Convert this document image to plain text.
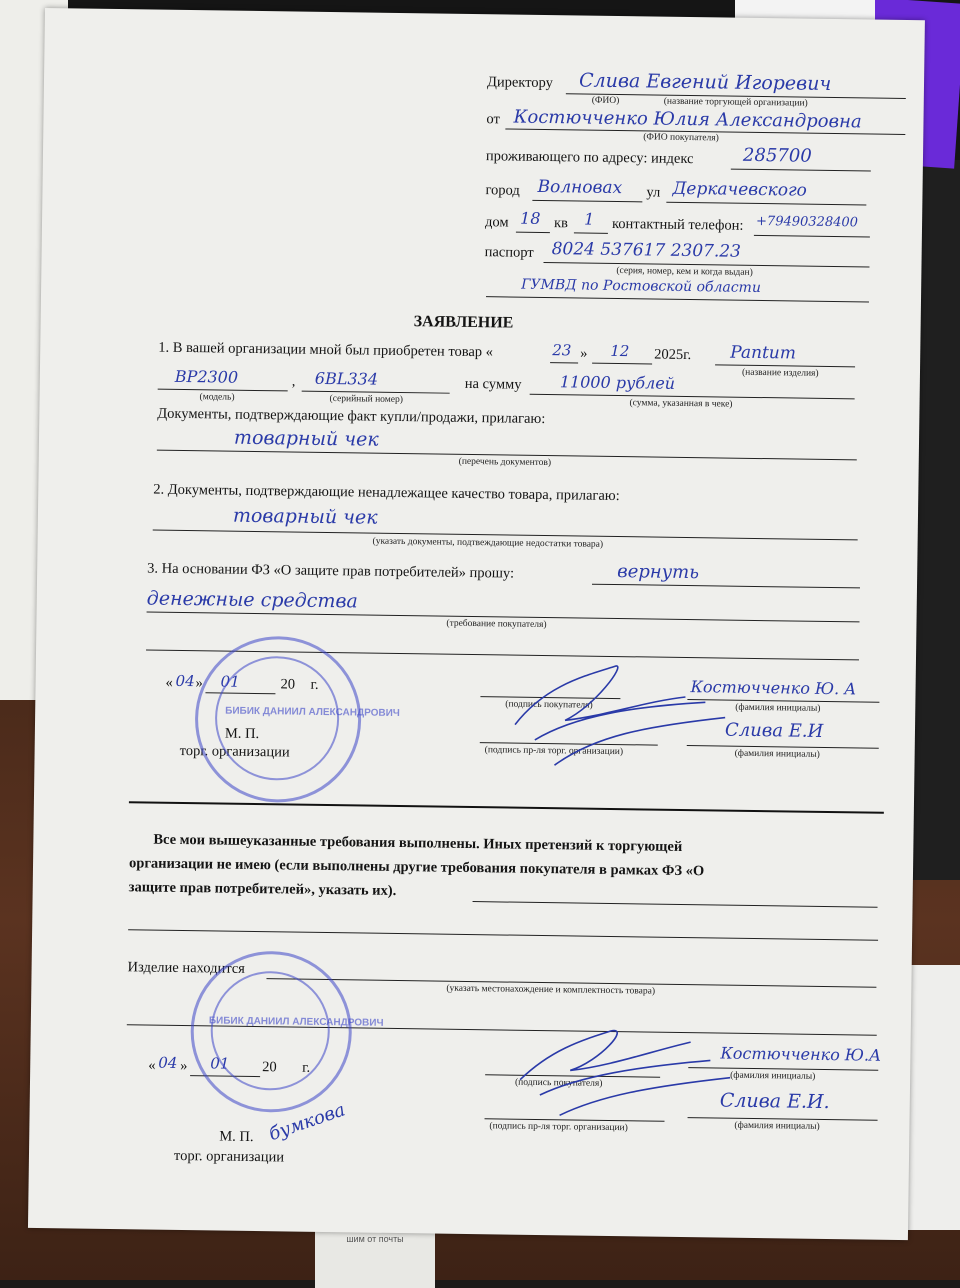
шим от почты
Директору Слива Евгений Игоревич
(ФИО)	(название торгующей организации)
от Костючченко Юлия Александровна
(ФИО покупателя)
проживающего по адресу: индекс	285700
город Волновах ул Деркачевского
дом 18 кв 1 контактный телефон: +79490328400
паспорт 8024 537617 2307.23
(серия, номер, кем и когда выдан)
ГУМВД по Ростовской области
ЗАЯВЛЕНИЕ
1. В вашей организации мной был приобретен товар «	23 » 12 2025г. Pantum
(название изделия)
BP2300
(модель)
, 6BL334
(серийный номер)
на сумму 11000 рублей
(сумма, указанная в чеке)
Документы, подтверждающие факт купли/продажи, прилагаю:
товарный чек
(перечень документов)
2. Документы, подтверждающие ненадлежащее качество товара, прилагаю:
товарный чек
(указать документы, подтвеждающие недостатки товара)
3. На основании ФЗ «О защите прав потребителей» прошу:	вернуть
денежные средства
(требование покупателя)
« 04 » 01	20 г.
М. П.
торг. организации
(подпись покупателя)
Костючченко Ю. А
(фамилия инициалы)
(подпись пр-ля торг. организации)
Слива Е.И
(фамилия инициалы)
БИБИК ДАНИИЛ АЛЕКСАНДРОВИЧ
Все мои вышеуказанные требования выполнены. Иных претензий к торгующей
организации не имею (если выполнены другие требования покупателя в рамках ФЗ «О
защите прав потребителей», указать их).
Изделие находится
(указать местонахождение и комплектность товара)
« 04 » 01 20 г.
М. П.
торг. организации
бумкова
(подпись покупателя)
Костючченко Ю.А
(фамилия инициалы)
(подпись пр-ля торг. организации)
Слива Е.И.
(фамилия инициалы)
БИБИК ДАНИИЛ АЛЕКСАНДРОВИЧ
